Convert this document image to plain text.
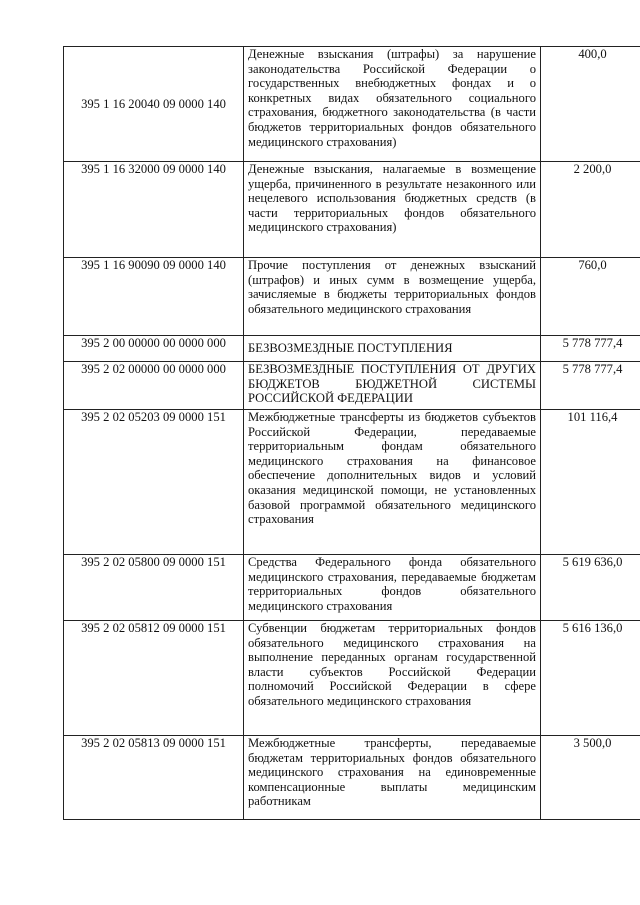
395 1 16 20040 09 0000 140	Денежные взыскания (штрафы) за нарушение законодательства Российской Федерации о государственных внебюджетных фондах и о конкретных видах обязательного социального страхования, бюджетного законодательства (в части бюджетов территориальных фондов обязательного медицинского страхования)	400,0
395 1 16 32000 09 0000 140	Денежные взыскания, налагаемые в возмещение ущерба, причиненного в результате незаконного или нецелевого использования бюджетных средств (в части территориальных фондов обязательного медицинского страхования)	2 200,0
395 1 16 90090 09 0000 140	Прочие поступления от денежных взысканий (штрафов) и иных сумм в возмещение ущерба, зачисляемые в бюджеты территориальных фондов обязательного медицинского страхования	760,0
395 2 00 00000 00 0000 000	БЕЗВОЗМЕЗДНЫЕ ПОСТУПЛЕНИЯ	5 778 777,4
395 2 02 00000 00 0000 000	БЕЗВОЗМЕЗДНЫЕ ПОСТУПЛЕНИЯ ОТ ДРУГИХ БЮДЖЕТОВ БЮДЖЕТНОЙ СИСТЕМЫ РОССИЙСКОЙ ФЕДЕРАЦИИ	5 778 777,4
395 2 02 05203 09 0000 151	Межбюджетные трансферты из бюджетов субъектов Российской Федерации, передаваемые территориальным фондам обязательного медицинского страхования на финансовое обеспечение дополнительных видов и условий оказания медицинской помощи, не установленных базовой программой обязательного медицинского страхования	101 116,4
395 2 02 05800 09 0000 151	Средства Федерального фонда обязательного медицинского страхования, передаваемые бюджетам территориальных фондов обязательного медицинского страхования	5 619 636,0
395 2 02 05812 09 0000 151	Субвенции бюджетам территориальных фондов обязательного медицинского страхования на выполнение переданных органам государственной власти субъектов Российской Федерации полномочий Российской Федерации в сфере обязательного медицинского страхования	5 616 136,0
395 2 02 05813 09 0000 151	Межбюджетные трансферты, передаваемые бюджетам территориальных фондов обязательного медицинского страхования на единовременные компенсационные выплаты медицинским работникам	3 500,0
